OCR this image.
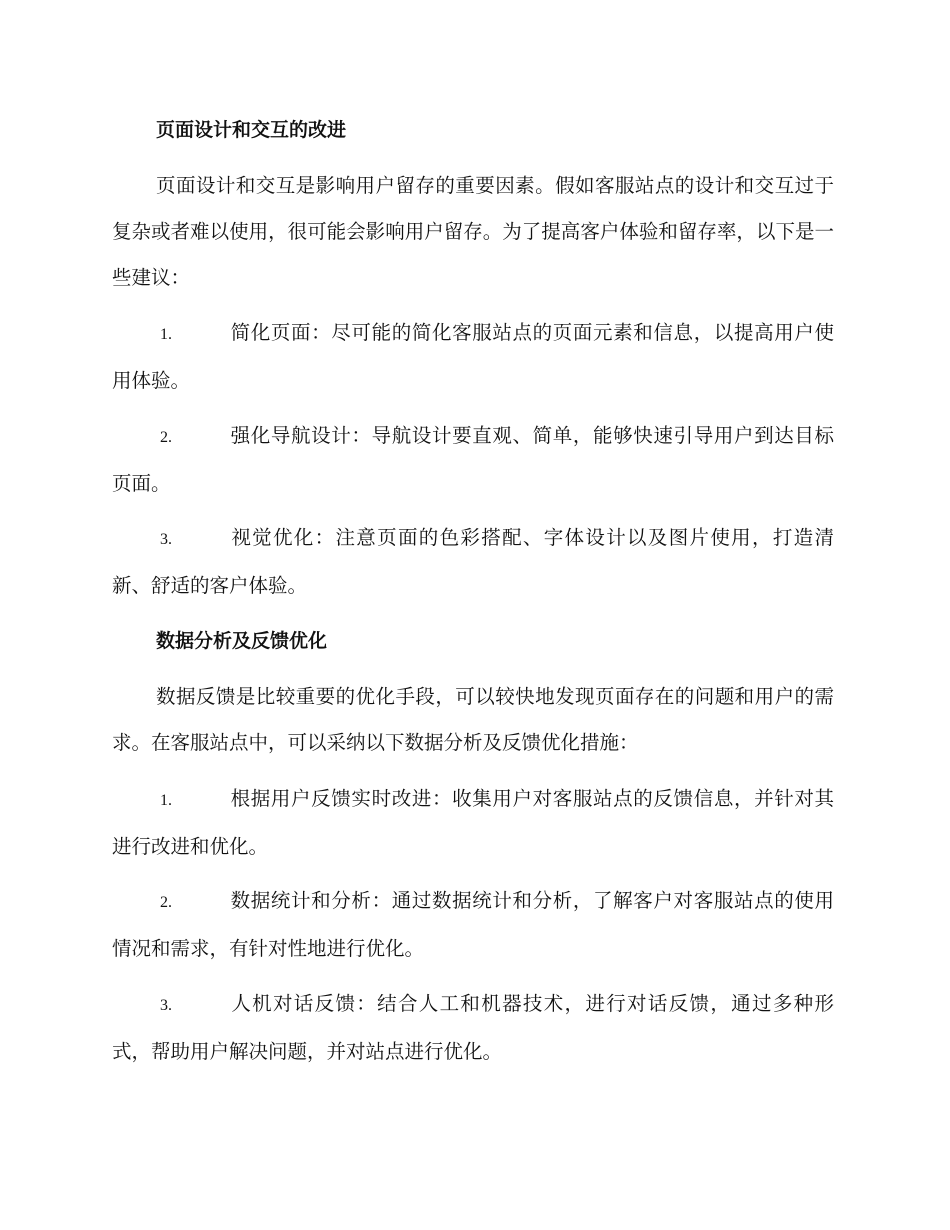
页面设计和交互的改进

页面设计和交互是影响用户留存的重要因素。假如客服站点的设计和交互过于复杂或者难以使用，很可能会影响用户留存。为了提高客户体验和留存率，以下是一些建议：

1.	简化页面：尽可能的简化客服站点的页面元素和信息，以提高用户使用体验。

2.	强化导航设计：导航设计要直观、简单，能够快速引导用户到达目标页面。

3.	视觉优化：注意页面的色彩搭配、字体设计以及图片使用，打造清新、舒适的客户体验。

数据分析及反馈优化

数据反馈是比较重要的优化手段，可以较快地发现页面存在的问题和用户的需求。在客服站点中，可以采纳以下数据分析及反馈优化措施：

1.	根据用户反馈实时改进：收集用户对客服站点的反馈信息，并针对其进行改进和优化。

2.	数据统计和分析：通过数据统计和分析，了解客户对客服站点的使用情况和需求，有针对性地进行优化。

3.	人机对话反馈：结合人工和机器技术，进行对话反馈，通过多种形式，帮助用户解决问题，并对站点进行优化。
